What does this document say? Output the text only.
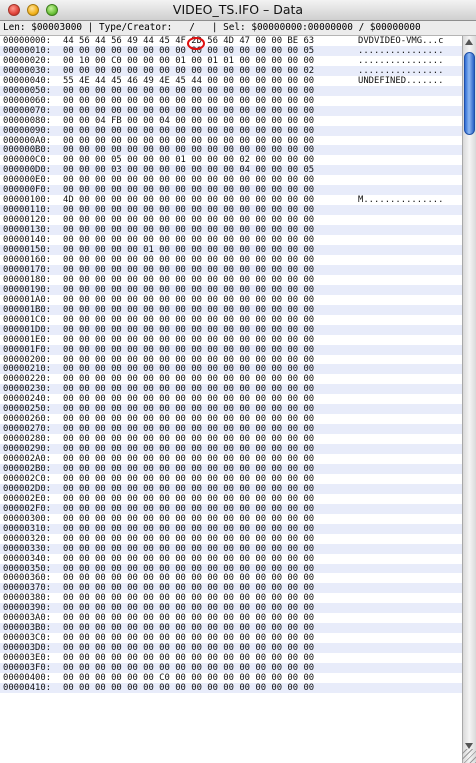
VIDEO_TS.IFO – Data
Len: $00003000 | Type/Creator:   /   | Sel: $00000000:00000000 / $00000000
00000000: 44 56 44 56 49 44 45 4F 2D 56 4D 47 00 00 BE 63	DVDVIDEO-VMG...c
00000010: 00 00 00 00 00 00 00 00 00 00 00 00 00 00 00 05	................
00000020: 00 10 00 C0 00 00 00 01 00 01 01 00 00 00 00 00	................
00000030: 00 00 00 00 00 00 00 00 00 00 00 00 00 00 00 02	................
00000040: 55 4E 44 45 46 49 4E 45 44 00 00 00 00 00 00 00	UNDEFINED.......
00000050: 00 00 00 00 00 00 00 00 00 00 00 00 00 00 00 00
00000060: 00 00 00 00 00 00 00 00 00 00 00 00 00 00 00 00
00000070: 00 00 00 00 00 00 00 00 00 00 00 00 00 00 00 00
00000080: 00 00 04 FB 00 00 04 00 00 00 00 00 00 00 00 00
00000090: 00 00 00 00 00 00 00 00 00 00 00 00 00 00 00 00
000000A0: 00 00 00 00 00 00 00 00 00 00 00 00 00 00 00 00
000000B0: 00 00 00 00 00 00 00 00 00 00 00 00 00 00 00 00
000000C0: 00 00 00 05 00 00 00 01 00 00 00 02 00 00 00 00
000000D0: 00 00 00 03 00 00 00 00 00 00 00 04 00 00 00 05
000000E0: 00 00 00 00 00 00 00 00 00 00 00 00 00 00 00 00
000000F0: 00 00 00 00 00 00 00 00 00 00 00 00 00 00 00 00
00000100: 4D 00 00 00 00 00 00 00 00 00 00 00 00 00 00 00	M...............
00000110: 00 00 00 00 00 00 00 00 00 00 00 00 00 00 00 00
00000120: 00 00 00 00 00 00 00 00 00 00 00 00 00 00 00 00
00000130: 00 00 00 00 00 00 00 00 00 00 00 00 00 00 00 00
00000140: 00 00 00 00 00 00 00 00 00 00 00 00 00 00 00 00
00000150: 00 00 00 00 00 01 00 00 00 00 00 00 00 00 00 00
00000160: 00 00 00 00 00 00 00 00 00 00 00 00 00 00 00 00
00000170: 00 00 00 00 00 00 00 00 00 00 00 00 00 00 00 00
00000180: 00 00 00 00 00 00 00 00 00 00 00 00 00 00 00 00
00000190: 00 00 00 00 00 00 00 00 00 00 00 00 00 00 00 00
000001A0: 00 00 00 00 00 00 00 00 00 00 00 00 00 00 00 00
000001B0: 00 00 00 00 00 00 00 00 00 00 00 00 00 00 00 00
000001C0: 00 00 00 00 00 00 00 00 00 00 00 00 00 00 00 00
000001D0: 00 00 00 00 00 00 00 00 00 00 00 00 00 00 00 00
000001E0: 00 00 00 00 00 00 00 00 00 00 00 00 00 00 00 00
000001F0: 00 00 00 00 00 00 00 00 00 00 00 00 00 00 00 00
00000200: 00 00 00 00 00 00 00 00 00 00 00 00 00 00 00 00
00000210: 00 00 00 00 00 00 00 00 00 00 00 00 00 00 00 00
00000220: 00 00 00 00 00 00 00 00 00 00 00 00 00 00 00 00
00000230: 00 00 00 00 00 00 00 00 00 00 00 00 00 00 00 00
00000240: 00 00 00 00 00 00 00 00 00 00 00 00 00 00 00 00
00000250: 00 00 00 00 00 00 00 00 00 00 00 00 00 00 00 00
00000260: 00 00 00 00 00 00 00 00 00 00 00 00 00 00 00 00
00000270: 00 00 00 00 00 00 00 00 00 00 00 00 00 00 00 00
00000280: 00 00 00 00 00 00 00 00 00 00 00 00 00 00 00 00
00000290: 00 00 00 00 00 00 00 00 00 00 00 00 00 00 00 00
000002A0: 00 00 00 00 00 00 00 00 00 00 00 00 00 00 00 00
000002B0: 00 00 00 00 00 00 00 00 00 00 00 00 00 00 00 00
000002C0: 00 00 00 00 00 00 00 00 00 00 00 00 00 00 00 00
000002D0: 00 00 00 00 00 00 00 00 00 00 00 00 00 00 00 00
000002E0: 00 00 00 00 00 00 00 00 00 00 00 00 00 00 00 00
000002F0: 00 00 00 00 00 00 00 00 00 00 00 00 00 00 00 00
00000300: 00 00 00 00 00 00 00 00 00 00 00 00 00 00 00 00
00000310: 00 00 00 00 00 00 00 00 00 00 00 00 00 00 00 00
00000320: 00 00 00 00 00 00 00 00 00 00 00 00 00 00 00 00
00000330: 00 00 00 00 00 00 00 00 00 00 00 00 00 00 00 00
00000340: 00 00 00 00 00 00 00 00 00 00 00 00 00 00 00 00
00000350: 00 00 00 00 00 00 00 00 00 00 00 00 00 00 00 00
00000360: 00 00 00 00 00 00 00 00 00 00 00 00 00 00 00 00
00000370: 00 00 00 00 00 00 00 00 00 00 00 00 00 00 00 00
00000380: 00 00 00 00 00 00 00 00 00 00 00 00 00 00 00 00
00000390: 00 00 00 00 00 00 00 00 00 00 00 00 00 00 00 00
000003A0: 00 00 00 00 00 00 00 00 00 00 00 00 00 00 00 00
000003B0: 00 00 00 00 00 00 00 00 00 00 00 00 00 00 00 00
000003C0: 00 00 00 00 00 00 00 00 00 00 00 00 00 00 00 00
000003D0: 00 00 00 00 00 00 00 00 00 00 00 00 00 00 00 00
000003E0: 00 00 00 00 00 00 00 00 00 00 00 00 00 00 00 00
000003F0: 00 00 00 00 00 00 00 00 00 00 00 00 00 00 00 00
00000400: 00 00 00 00 00 00 C0 00 00 00 00 00 00 00 00 00
00000410: 00 00 00 00 00 00 00 00 00 00 00 00 00 00 00 00
